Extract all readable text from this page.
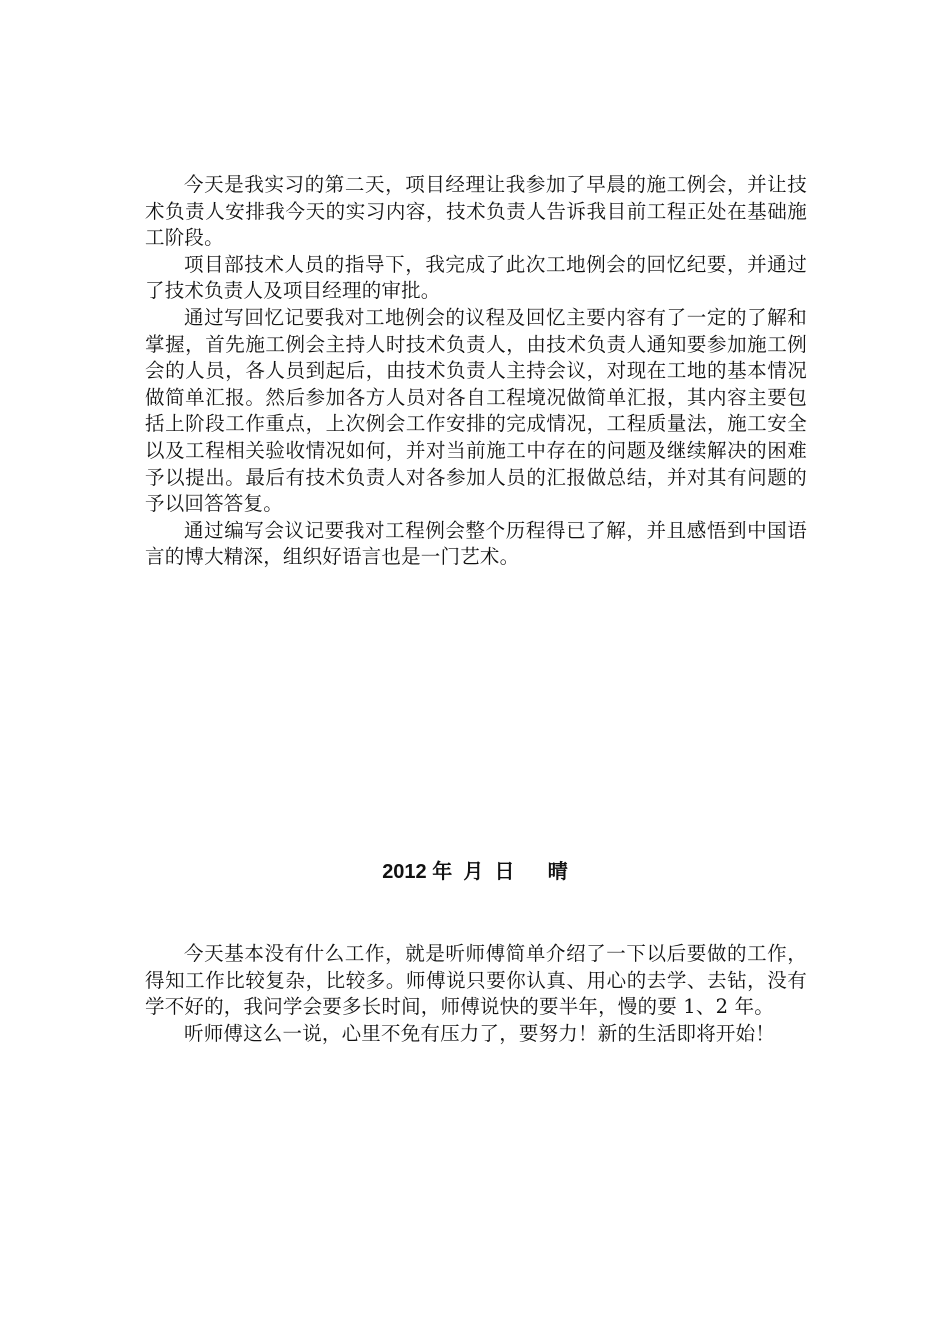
今天是我实习的第二天，项目经理让我参加了早晨的施工例会，并让技术负责人安排我今天的实习内容，技术负责人告诉我目前工程正处在基础施工阶段。

项目部技术人员的指导下，我完成了此次工地例会的回忆纪要，并通过了技术负责人及项目经理的审批。

通过写回忆记要我对工地例会的议程及回忆主要内容有了一定的了解和掌握，首先施工例会主持人时技术负责人，由技术负责人通知要参加施工例会的人员，各人员到起后，由技术负责人主持会议，对现在工地的基本情况做简单汇报。然后参加各方人员对各自工程境况做简单汇报，其内容主要包括上阶段工作重点，上次例会工作安排的完成情况，工程质量法，施工安全以及工程相关验收情况如何，并对当前施工中存在的问题及继续解决的困难予以提出。最后有技术负责人对各参加人员的汇报做总结，并对其有问题的予以回答答复。

通过编写会议记要我对工程例会整个历程得已了解，并且感悟到中国语言的博大精深，组织好语言也是一门艺术。

2012 年  月  日      晴

今天基本没有什么工作，就是听师傅简单介绍了一下以后要做的工作，得知工作比较复杂，比较多。师傅说只要你认真、用心的去学、去钻，没有学不好的，我问学会要多长时间，师傅说快的要半年，慢的要 1、2 年。

听师傅这么一说，心里不免有压力了，要努力！新的生活即将开始！
